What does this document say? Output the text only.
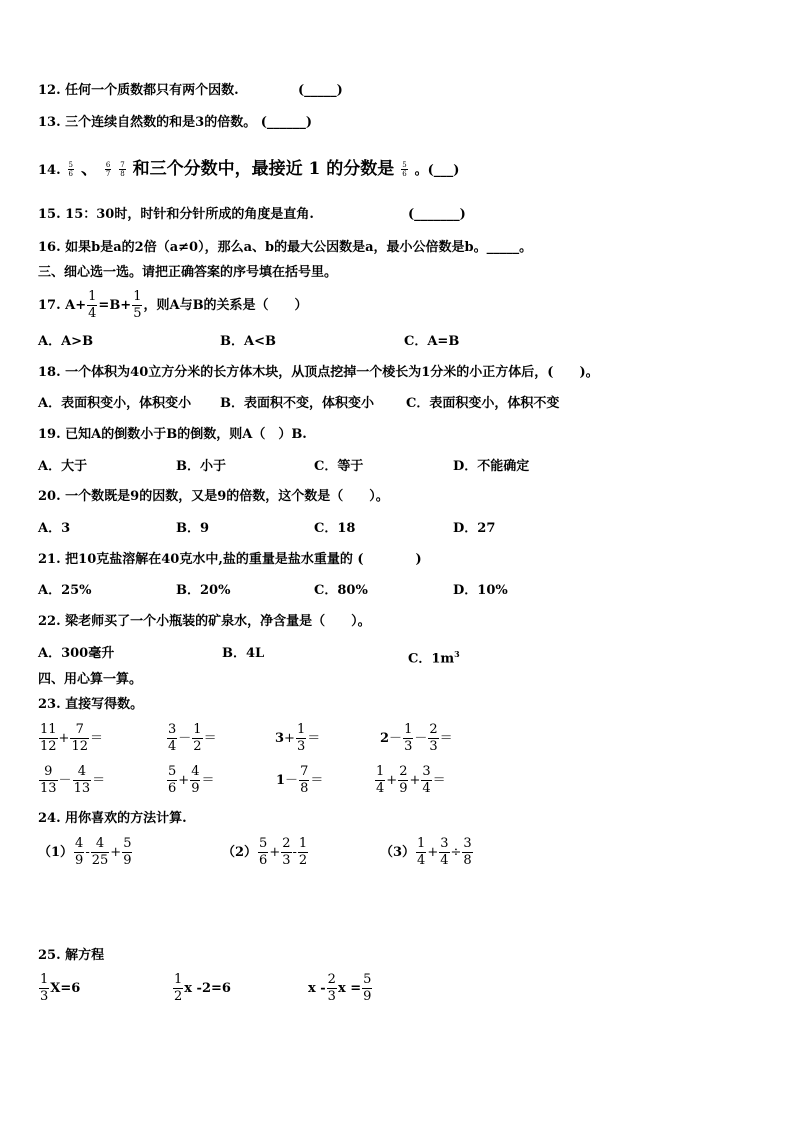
12. 任何一个质数都只有两个因数.	(_____)
13. 三个连续自然数的和是3的倍数。 (______)
14. $\frac{5}{6}$ 、 $\frac{6}{7}$
$\frac{7}{8}$ 和三个分数中，最接近 1 的分数是 $\frac{5}{6}$ 。(___)
15. 15：30时，时针和分针所成的角度是直角.	(_______)
16. 如果b是a的2倍（a≠0），那么a、b的最大公因数是a，最小公倍数是b。_____。
三、细心选一选。请把正确答案的序号填在括号里。
17. $A+ \frac{1}{4} =B+ \frac{1}{5}$ ，则A与B的关系是（　　）
A．A>B	B．A<B	C．A=B
18. 一个体积为40立方分米的长方体木块，从顶点挖掉一个棱长为1分米的小正方体后，(　　)。
A．表面积变小，体积变小 B．表面积不变，体积变小 C．表面积变小，体积不变
19. 已知A的倒数小于B的倒数，则A（　）B.
A．大于	B．小于	C．等于	D．不能确定
20. 一个数既是9的因数，又是9的倍数，这个数是（　　）。
A．3	B．9	C．18	D．27
21. 把10克盐溶解在40克水中,盐的重量是盐水重量的 (　　　　)
A．25%	B．20%	C．80%	D．10%
22. 梁老师买了一个小瓶装的矿泉水，净含量是（　　）。
A．300毫升	B．4L	C．$1m^3$
四、用心算一算。
23. 直接写得数。
$\frac{11}{12} + \frac{7}{12}$ ＝	$\frac{3}{4} - \frac{1}{2}$ ＝	$3+ \frac{1}{3}$ ＝	$2- \frac{1}{3} - \frac{2}{3}$ ＝
$\frac{9}{13} - \frac{4}{13}$ ＝	$\frac{5}{6} + \frac{4}{9}$ ＝	$1- \frac{7}{8}$ ＝	$\frac{1}{4} + \frac{2}{9} + \frac{3}{4}$ ＝
24. 用你喜欢的方法计算.
$(1) \frac{4}{9} - \frac{4}{25} + \frac{5}{9}$	$(2) \frac{5}{6} + \frac{2}{3} - \frac{1}{2}$	$(3) \frac{1}{4} + \frac{3}{4} \div \frac{3}{8}$
25. 解方程
$\frac{1}{3} X=6$	$\frac{1}{2}$ x -2=6	x - $\frac{2}{3}$ $x = \frac{5}{9}$
